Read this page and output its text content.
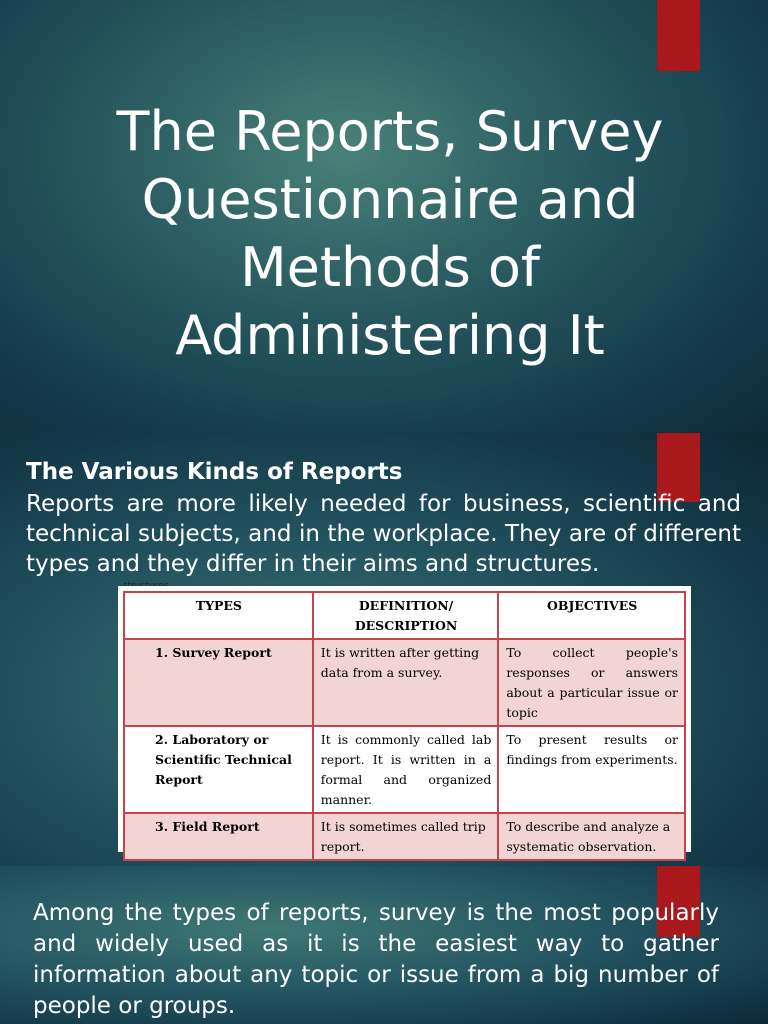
The Reports, Survey
Questionnaire and
Methods of
Administering It
The Various Kinds of Reports

Reports are more likely needed for business, scientific and technical subjects, and in the workplace. They are of different types and they differ in their aims and structures.

TYPES	DEFINITION/ DESCRIPTION	OBJECTIVES
1. Survey Report	It is written after getting data from a survey.	To collect people's responses or answers about a particular issue or topic
2. Laboratory or Scientific Technical Report	It is commonly called lab report. It is written in a formal and organized manner.	To present results or findings from experiments.
3. Field Report	It is sometimes called trip report.	To describe and analyze a systematic observation.

Among the types of reports, survey is the most popularly and widely used as it is the easiest way to gather information about any topic or issue from a big number of people or groups.
